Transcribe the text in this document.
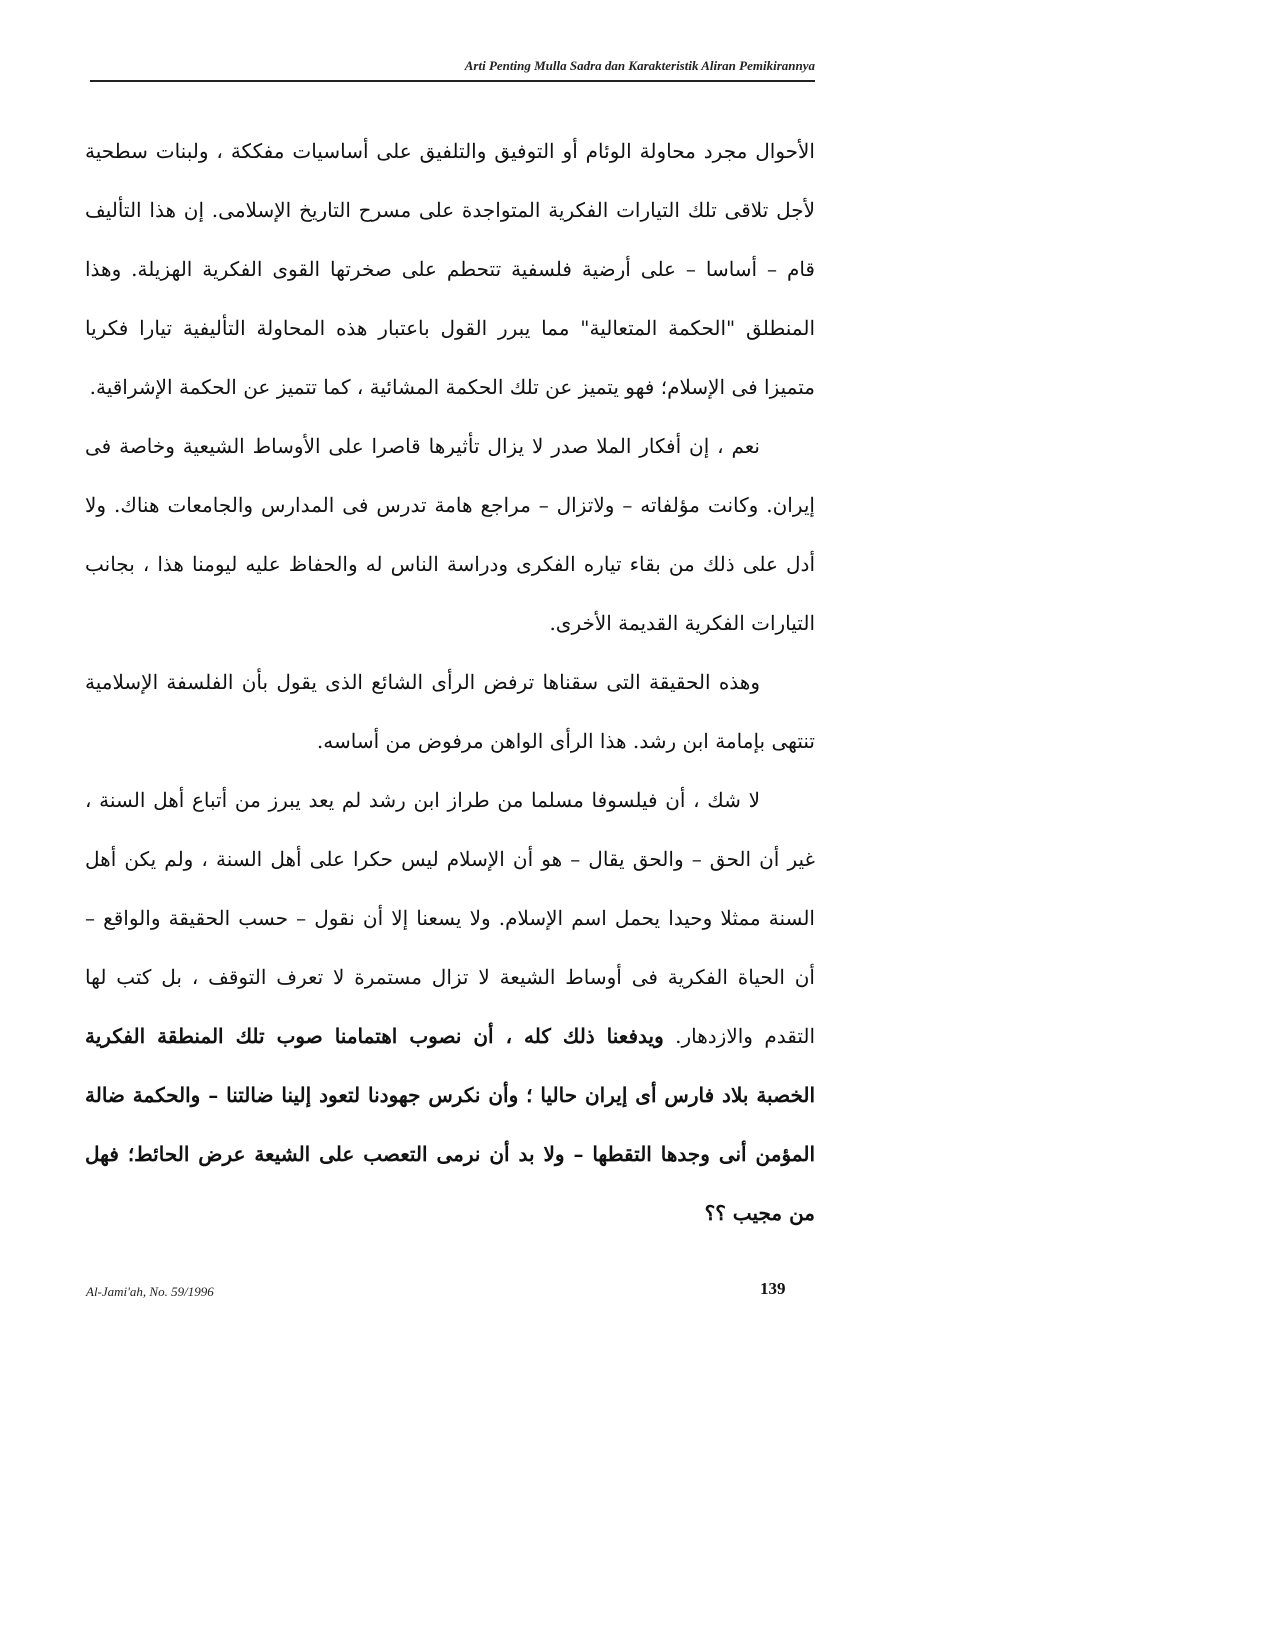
Arti Penting Mulla Sadra dan Karakteristik Aliran Pemikirannya

الأحوال مجرد محاولة الوئام أو التوفيق والتلفيق على أساسيات مفككة ، ولبنات سطحية لأجل تلاقى تلك التيارات الفكرية المتواجدة على مسرح التاريخ الإسلامى. إن هذا التأليف قام – أساسا – على أرضية فلسفية تتحطم على صخرتها القوى الفكرية الهزيلة. وهذا المنطلق "الحكمة المتعالية" مما يبرر القول باعتبار هذه المحاولة التأليفية تيارا فكريا متميزا فى الإسلام؛ فهو يتميز عن تلك الحكمة المشائية ، كما تتميز عن الحكمة الإشراقية.

نعم ، إن أفكار الملا صدر لا يزال تأثيرها قاصرا على الأوساط الشيعية وخاصة فى إيران. وكانت مؤلفاته – ولاتزال – مراجع هامة تدرس فى المدارس والجامعات هناك. ولا أدل على ذلك من بقاء تياره الفكرى ودراسة الناس له والحفاظ عليه ليومنا هذا ، بجانب التيارات الفكرية القديمة الأخرى.

وهذه الحقيقة التى سقناها ترفض الرأى الشائع الذى يقول بأن الفلسفة الإسلامية تنتهى بإمامة ابن رشد. هذا الرأى الواهن مرفوض من أساسه.

لا شك ، أن فيلسوفا مسلما من طراز ابن رشد لم يعد يبرز من أتباع أهل السنة ، غير أن الحق – والحق يقال – هو أن الإسلام ليس حكرا على أهل السنة ، ولم يكن أهل السنة ممثلا وحيدا يحمل اسم الإسلام. ولا يسعنا إلا أن نقول – حسب الحقيقة والواقع – أن الحياة الفكرية فى أوساط الشيعة لا تزال مستمرة لا تعرف التوقف ، بل كتب لها التقدم والازدهار. ويدفعنا ذلك كله ، أن نصوب اهتمامنا صوب تلك المنطقة الفكرية الخصبة بلاد فارس أى إيران حاليا ؛ وأن نكرس جهودنا لتعود إلينا ضالتنا – والحكمة ضالة المؤمن أنى وجدها التقطها – ولا بد أن نرمى التعصب على الشيعة عرض الحائط؛ فهل من مجيب ؟؟

Al-Jami'ah, No. 59/1996	139
